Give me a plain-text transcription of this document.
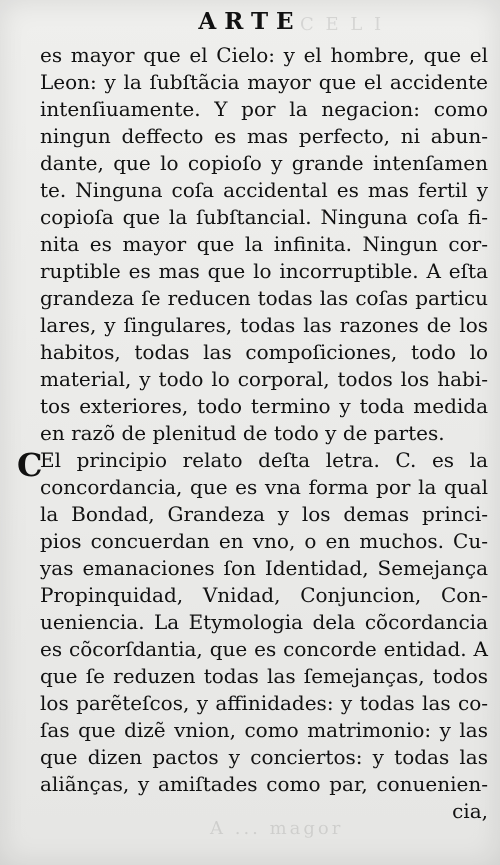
C E L I
A ... magor
ARTE
C
es mayor que el Cielo: y el hombre, que el
Leon: y la ſubſtãcia mayor que el accidente
intenſiuamente. Y por la negacion: como
ningun deffecto es mas perfecto, ni abun-
dante, que lo copioſo y grande intenſamen
te. Ninguna coſa accidental es mas fertil y
copioſa que la ſubſtancial. Ninguna coſa fi-
nita es mayor que la infinita. Ningun cor-
ruptible es mas que lo incorruptible. A eſta
grandeza ſe reducen todas las coſas particu
lares, y ſingulares, todas las razones de los
habitos, todas las compoſiciones, todo lo
material, y todo lo corporal, todos los habi-
tos exteriores, todo termino y toda medida
en razõ de plenitud de todo y de partes.
El principio relato deſta letra. C. es la
concordancia, que es vna forma por la qual
la Bondad, Grandeza y los demas princi-
pios concuerdan en vno, o en muchos. Cu-
yas emanaciones ſon Identidad, Semejança
Propinquidad, Vnidad, Conjuncion, Con-
ueniencia. La Etymologia dela cõcordancia
es cõcorſdantia, que es concorde entidad. A
que ſe reduzen todas las ſemejanças, todos
los parẽteſcos, y affinidades: y todas las co-
ſas que dizẽ vnion, como matrimonio: y las
que dizen pactos y conciertos: y todas las
aliãnças, y amiſtades como par, conuenien-
cia,
